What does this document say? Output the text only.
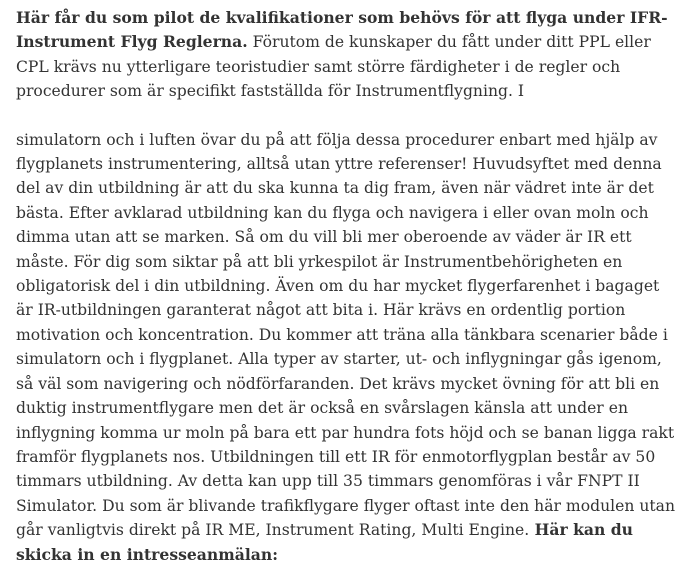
Här får du som pilot de kvalifikationer som behövs för att flyga under IFR-Instrument Flyg Reglerna. Förutom de kunskaper du fått under ditt PPL eller CPL krävs nu ytterligare teoristudier samt större färdigheter i de regler och procedurer som är specifikt fastställda för Instrumentflygning. I

simulatorn och i luften övar du på att följa dessa procedurer enbart med hjälp av flygplanets instrumentering, alltså utan yttre referenser! Huvudsyftet med denna del av din utbildning är att du ska kunna ta dig fram, även när vädret inte är det bästa. Efter avklarad utbildning kan du flyga och navigera i eller ovan moln och dimma utan att se marken. Så om du vill bli mer oberoende av väder är IR ett måste. För dig som siktar på att bli yrkespilot är Instrumentbehörigheten en obligatorisk del i din utbildning. Även om du har mycket flygerfarenhet i bagaget är IR-utbildningen garanterat något att bita i. Här krävs en ordentlig portion motivation och koncentration. Du kommer att träna alla tänkbara scenarier både i simulatorn och i flygplanet. Alla typer av starter, ut- och inflygningar gås igenom, så väl som navigering och nödförfaranden. Det krävs mycket övning för att bli en duktig instrumentflygare men det är också en svårslagen känsla att under en inflygning komma ur moln på bara ett par hundra fots höjd och se banan ligga rakt framför flygplanets nos. Utbildningen till ett IR för enmotorflygplan består av 50 timmars utbildning. Av detta kan upp till 35 timmars genomföras i vår FNPT II Simulator. Du som är blivande trafikflygare flyger oftast inte den här modulen utan går vanligtvis direkt på IR ME, Instrument Rating, Multi Engine. Här kan du skicka in en intresseanmälan:
